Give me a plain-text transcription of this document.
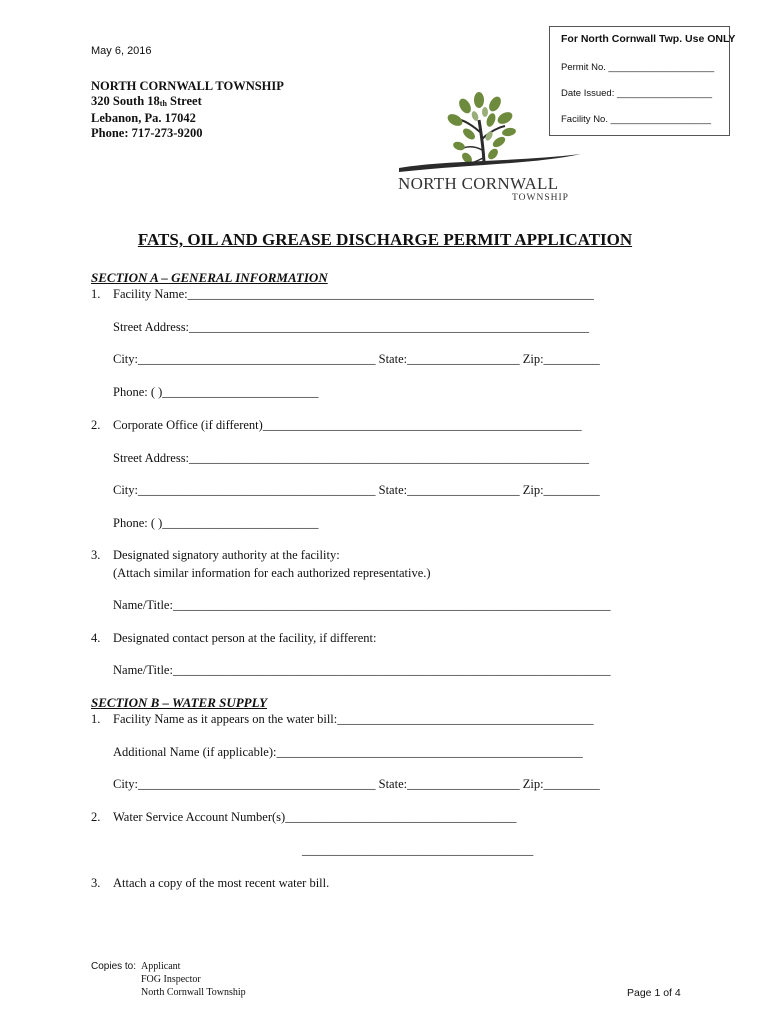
May 6, 2016
NORTH CORNWALL TOWNSHIP
320 South $18_{th}$ Street
Lebanon, Pa. 17042
Phone: 717-273-9200
For North Cornwall Twp. Use ONLY
Permit No. ____________________
Date Issued: __________________
Facility No. ___________________
NORTH CORNWALL
TOWNSHIP
FATS, OIL AND GREASE DISCHARGE PERMIT APPLICATION
SECTION A – GENERAL INFORMATION
1. Facility Name:_________________________________________________________________
Street Address:________________________________________________________________
City:______________________________________ State:__________________ Zip:_________
Phone: ( )_________________________
2. Corporate Office (if different)___________________________________________________
Street Address:________________________________________________________________
City:______________________________________ State:__________________ Zip:_________
Phone: ( )_________________________
3. Designated signatory authority at the facility:
(Attach similar information for each authorized representative.)
Name/Title:______________________________________________________________________
4. Designated contact person at the facility, if different:
Name/Title:______________________________________________________________________
SECTION B – WATER SUPPLY
1. Facility Name as it appears on the water bill:_________________________________________
Additional Name (if applicable):_________________________________________________
City:______________________________________ State:__________________ Zip:_________
2. Water Service Account Number(s)_____________________________________
_____________________________________
3. Attach a copy of the most recent water bill.
Copies to: Applicant
FOG Inspector
North Cornwall Township	Page 1 of 4
